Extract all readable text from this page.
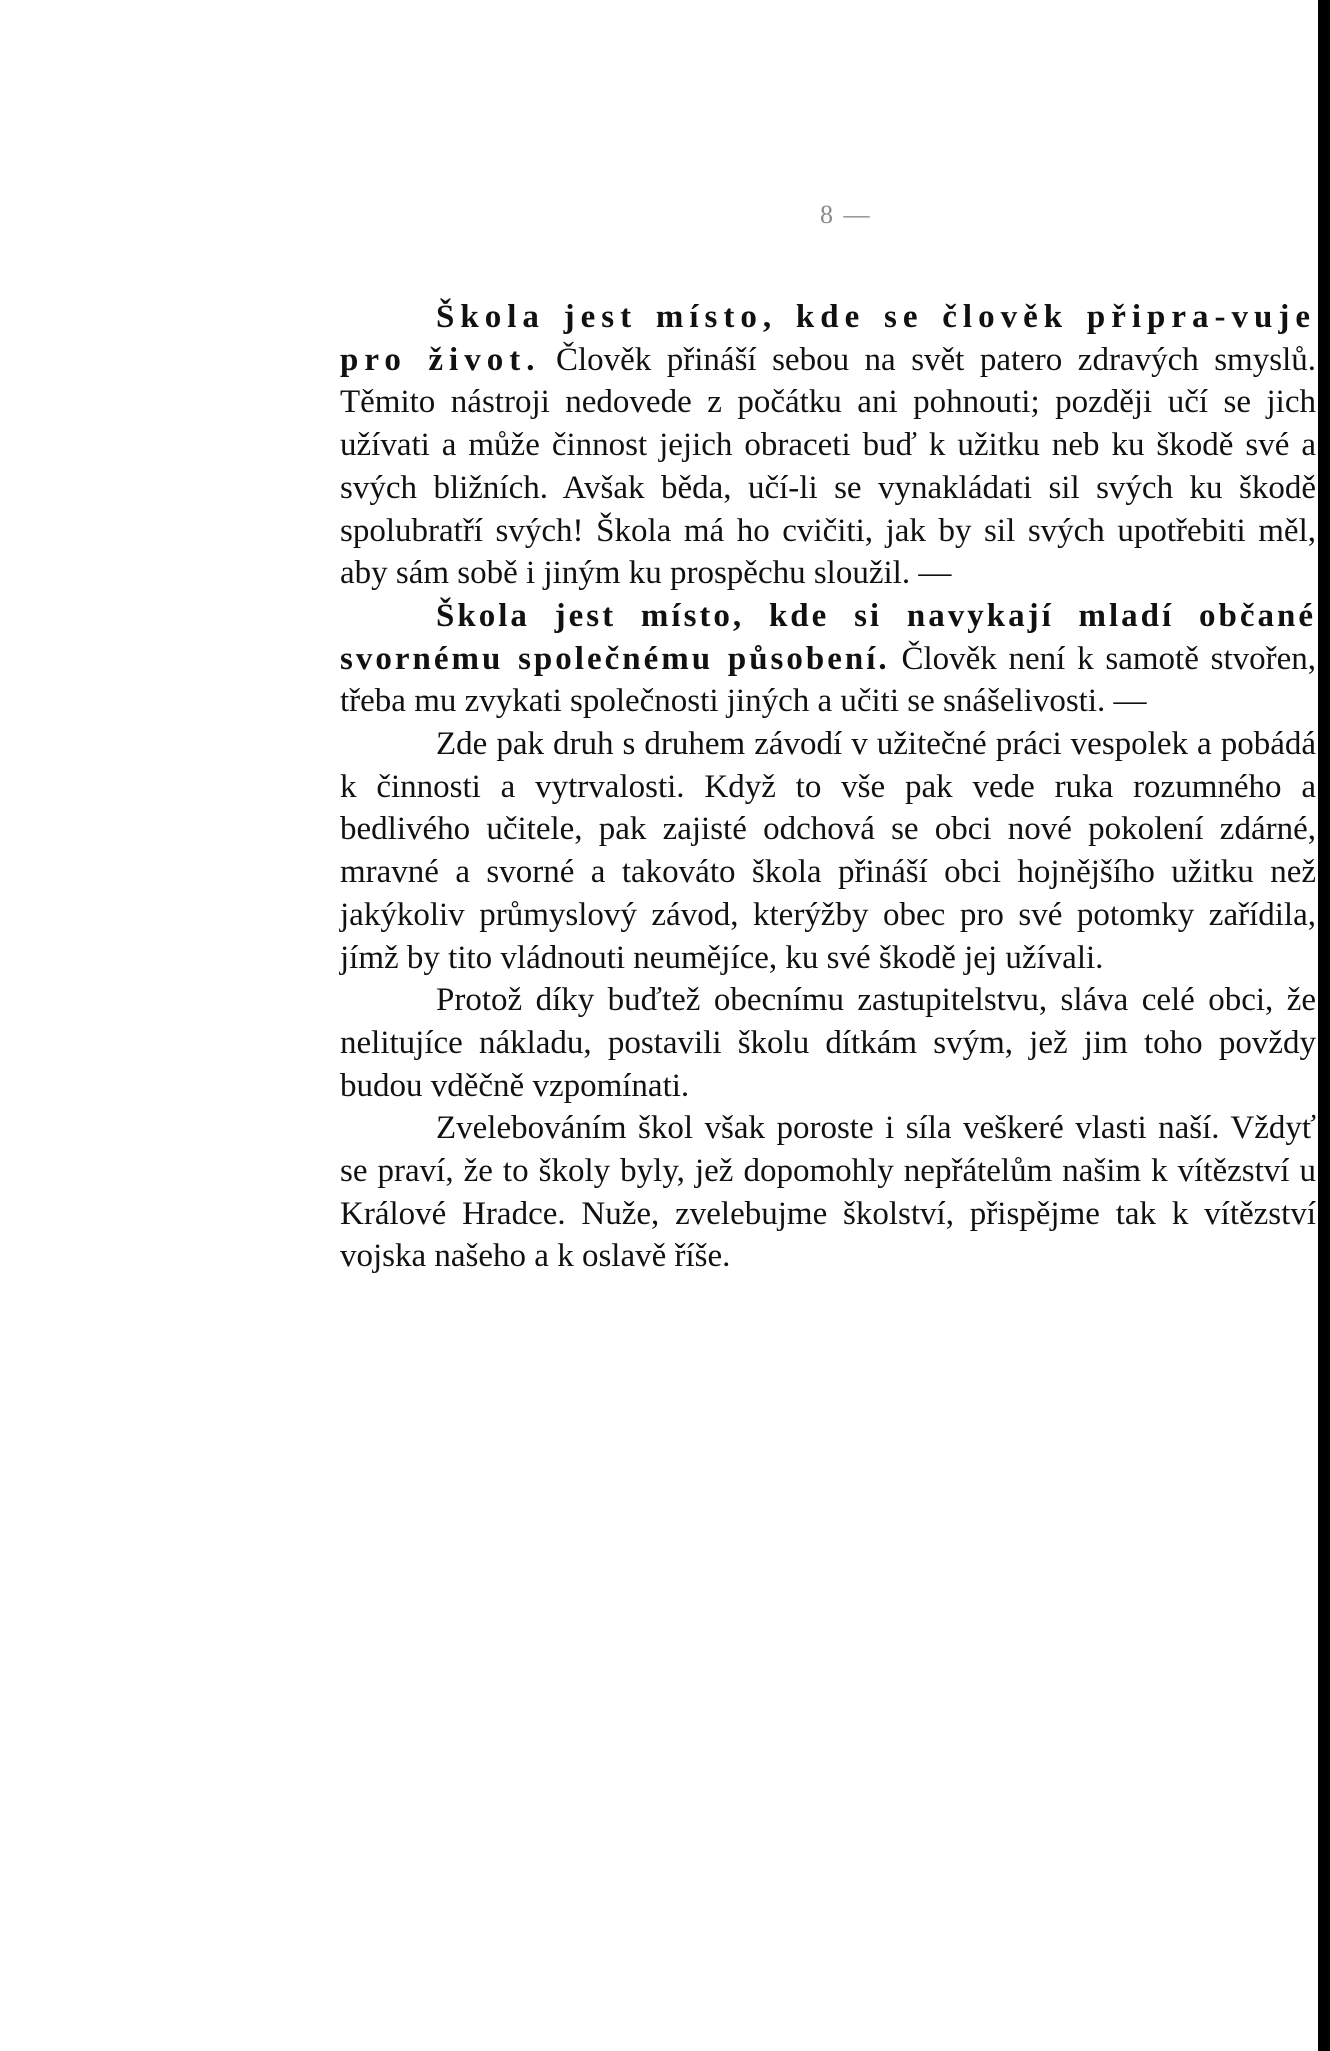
8 —

Škola jest místo, kde se člověk připra-vuje pro život. Člověk přináší sebou na svět patero zdravých smyslů. Těmito nástroji nedovede z počátku ani pohnouti; později učí se jich užívati a může činnost jejich obraceti buď k užitku neb ku škodě své a svých bližních. Avšak běda, učí-li se vynakládati sil svých ku škodě spolubratří svých! Škola má ho cvičiti, jak by sil svých upotřebiti měl, aby sám sobě i jiným ku prospěchu sloužil. —

Škola jest místo, kde si navykají mladí občané svornému společnému působení. Člověk není k samotě stvořen, třeba mu zvykati společnosti jiných a učiti se snášelivosti. —

Zde pak druh s druhem závodí v užitečné práci vespolek a pobádá k činnosti a vytrvalosti. Když to vše pak vede ruka rozumného a bedlivého učitele, pak zajisté odchová se obci nové pokolení zdárné, mravné a svorné a takováto škola přináší obci hojnějšího užitku než jakýkoliv průmyslový závod, kterýžby obec pro své potomky zařídila, jímž by tito vládnouti neumějíce, ku své škodě jej užívali.

Protož díky buďtež obecnímu zastupitelstvu, sláva celé obci, že nelitujíce nákladu, postavili školu dítkám svým, jež jim toho povždy budou vděčně vzpomínati.

Zvelebováním škol však poroste i síla veškeré vlasti naší. Vždyť se praví, že to školy byly, jež dopomohly nepřátelům našim k vítězství u Králové Hradce. Nuže, zvelebujme školství, přispějme tak k vítězství vojska našeho a k oslavě říše.
